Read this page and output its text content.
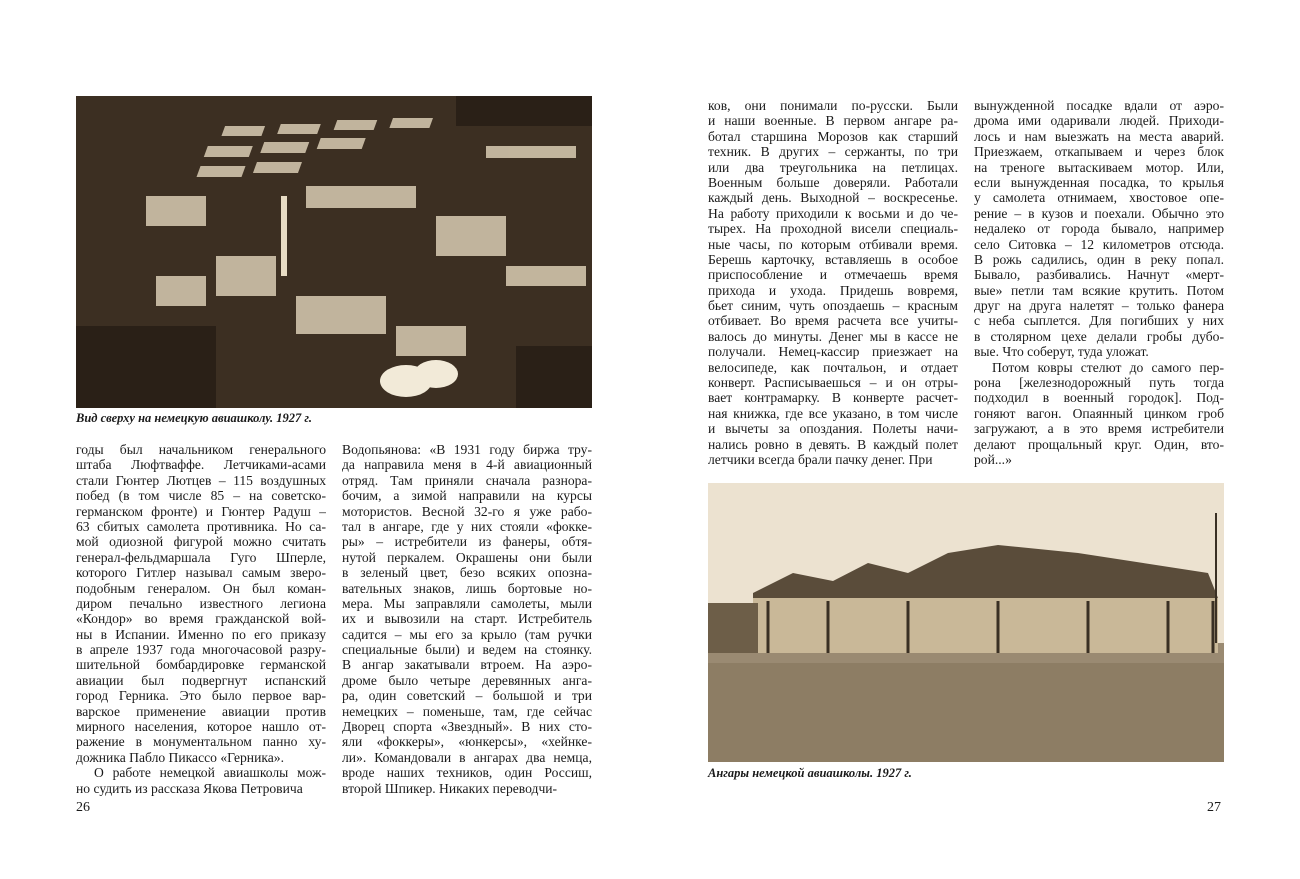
Вид сверху на немецкую авиашколу. 1927 г.
годы был начальником генерального
штаба Люфтваффе. Летчиками-асами
стали Гюнтер Лютцев – 115 воздушных
побед (в том числе 85 – на советско-
германском фронте) и Гюнтер Радуш –
63 сбитых самолета противника. Но са-
мой одиозной фигурой можно считать
генерал-фельдмаршала Гуго Шперле,
которого Гитлер называл самым зверо-
подобным генералом. Он был коман-
диром печально известного легиона
«Кондор» во время гражданской вой-
ны в Испании. Именно по его приказу
в апреле 1937 года многочасовой разру-
шительной бомбардировке германской
авиации был подвергнут испанский
город Герника. Это было первое вар-
варское применение авиации против
мирного населения, которое нашло от-
ражение в монументальном панно ху-
дожника Пабло Пикассо «Герника».
О работе немецкой авиашколы мож-
но судить из рассказа Якова Петровича
Водопьянова: «В 1931 году биржа тру-
да направила меня в 4-й авиационный
отряд. Там приняли сначала разнора-
бочим, а зимой направили на курсы
мотористов. Весной 32-го я уже рабо-
тал в ангаре, где у них стояли «фокке-
ры» – истребители из фанеры, обтя-
нутой перкалем. Окрашены они были
в зеленый цвет, безо всяких опозна-
вательных знаков, лишь бортовые но-
мера. Мы заправляли самолеты, мыли
их и вывозили на старт. Истребитель
садится – мы его за крыло (там ручки
специальные были) и ведем на стоянку.
В ангар закатывали втроем. На аэро-
дроме было четыре деревянных анга-
ра, один советский – большой и три
немецких – поменьше, там, где сейчас
Дворец спорта «Звездный». В них сто-
яли «фоккеры», «юнкерсы», «хейнке-
ли». Командовали в ангарах два немца,
вроде наших техников, один Россиш,
второй Шпикер. Никаких переводчи-
26
ков, они понимали по-русски. Были
и наши военные. В первом ангаре ра-
ботал старшина Морозов как старший
техник. В других – сержанты, по три
или два треугольника на петлицах.
Военным больше доверяли. Работали
каждый день. Выходной – воскресенье.
На работу приходили к восьми и до че-
тырех. На проходной висели специаль-
ные часы, по которым отбивали время.
Берешь карточку, вставляешь в особое
приспособление и отмечаешь время
прихода и ухода. Придешь вовремя,
бьет синим, чуть опоздаешь – красным
отбивает. Во время расчета все учиты-
валось до минуты. Денег мы в кассе не
получали. Немец-кассир приезжает на
велосипеде, как почтальон, и отдает
конверт. Расписываешься – и он отры-
вает контрамарку. В конверте расчет-
ная книжка, где все указано, в том числе
и вычеты за опоздания. Полеты начи-
нались ровно в девять. В каждый полет
летчики всегда брали пачку денег. При
вынужденной посадке вдали от аэро-
дрома ими одаривали людей. Приходи-
лось и нам выезжать на места аварий.
Приезжаем, откапываем и через блок
на треноге вытаскиваем мотор. Или,
если вынужденная посадка, то крылья
у самолета отнимаем, хвостовое опе-
рение – в кузов и поехали. Обычно это
недалеко от города бывало, например
село Ситовка – 12 километров отсюда.
В рожь садились, один в реку попал.
Бывало, разбивались. Начнут «мерт-
вые» петли там всякие крутить. Потом
друг на друга налетят – только фанера
с неба сыплется. Для погибших у них
в столярном цехе делали гробы дубо-
вые. Что соберут, туда уложат.
Потом ковры стелют до самого пер-
рона [железнодорожный путь тогда
подходил в военный городок]. Под-
гоняют вагон. Опаянный цинком гроб
загружают, а в это время истребители
делают прощальный круг. Один, вто-
рой...»
Ангары немецкой авиашколы. 1927 г.
27
